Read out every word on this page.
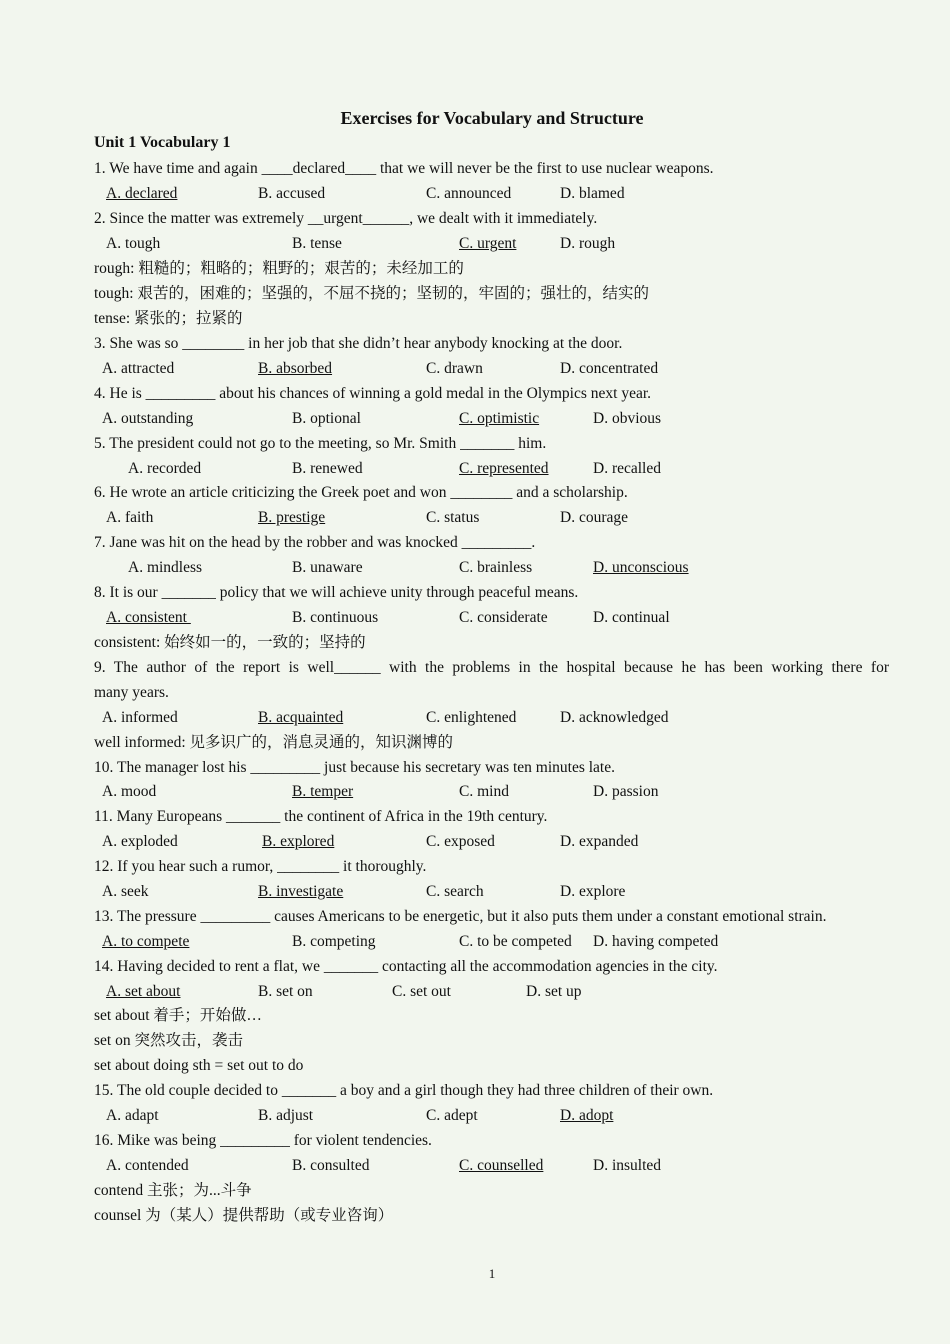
Exercises for Vocabulary and Structure
Unit 1 Vocabulary 1
1. We have time and again ____declared____ that we will never be the first to use nuclear weapons.
A. declared	B. accused	C. announced	D. blamed
2. Since the matter was extremely __urgent______, we dealt with it immediately.
A. tough	B. tense	C. urgent	D. rough
rough: 粗糙的；粗略的；粗野的；艰苦的；未经加工的
tough: 艰苦的，困难的；坚强的，不屈不挠的；坚韧的，牢固的；强壮的，结实的
tense: 紧张的；拉紧的
3. She was so ________ in her job that she didn’t hear anybody knocking at the door.
A. attracted	B. absorbed	C. drawn	D. concentrated
4. He is _________ about his chances of winning a gold medal in the Olympics next year.
A. outstanding	B. optional	C. optimistic	D. obvious
5. The president could not go to the meeting, so Mr. Smith _______ him.
A. recorded	B. renewed	C. represented	D. recalled
6. He wrote an article criticizing the Greek poet and won ________ and a scholarship.
A. faith	B. prestige	C. status	D. courage
7. Jane was hit on the head by the robber and was knocked _________.
A. mindless	B. unaware	C. brainless	D. unconscious
8. It is our _______ policy that we will achieve unity through peaceful means.
A. consistent	B. continuous	C. considerate	D. continual
consistent: 始终如一的，一致的；坚持的
9. The author of the report is well______ with the problems in the hospital because he has been working there for
many years.
A. informed	B. acquainted	C. enlightened	D. acknowledged
well informed: 见多识广的，消息灵通的，知识渊博的
10. The manager lost his _________ just because his secretary was ten minutes late.
A. mood	B. temper	C. mind	D. passion
11. Many Europeans _______ the continent of Africa in the 19th century.
A. exploded	B. explored	C. exposed	D. expanded
12. If you hear such a rumor, ________ it thoroughly.
A. seek	B. investigate	C. search	D. explore
13. The pressure _________ causes Americans to be energetic, but it also puts them under a constant emotional strain.
A. to compete	B. competing	C. to be competed D. having competed
14. Having decided to rent a flat, we _______ contacting all the accommodation agencies in the city.
A. set about	B. set on	C. set out	D. set up
set about 着手；开始做…
set on 突然攻击，袭击
set about doing sth = set out to do
15. The old couple decided to _______ a boy and a girl though they had three children of their own.
A. adapt	B. adjust	C. adept	D. adopt
16. Mike was being _________ for violent tendencies.
A. contended	B. consulted	C. counselled	D. insulted
contend 主张；为...斗争
counsel 为（某人）提供帮助（或专业咨询）
1
